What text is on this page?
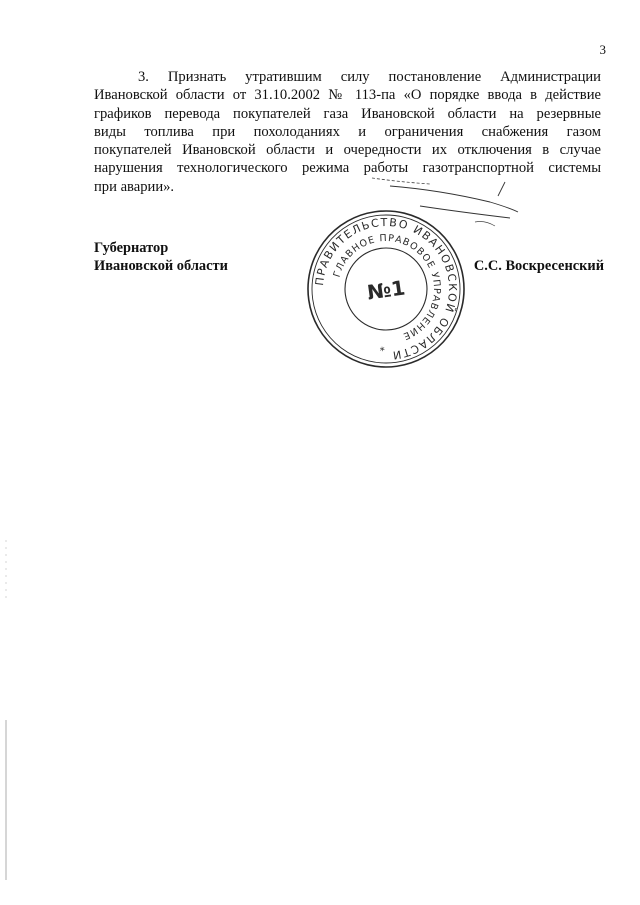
3
3. Признать утратившим силу постановление Администрации
Ивановской области от 31.10.2002 № 113-па «О порядке ввода в действие
графиков перевода покупателей газа Ивановской области на резервные
виды топлива при похолоданиях и ограничения снабжения газом
покупателей Ивановской области и очередности их отключения в случае
нарушения технологического режима работы газотранспортной системы
при аварии».
Губернатор
Ивановской области
ПРАВИТЕЛЬСТВО ИВАНОВСКОЙ ОБЛАСТИ
ГЛАВНОЕ ПРАВОВОЕ УПРАВЛЕНИЕ
№1
*
С.С. Воскресенский
